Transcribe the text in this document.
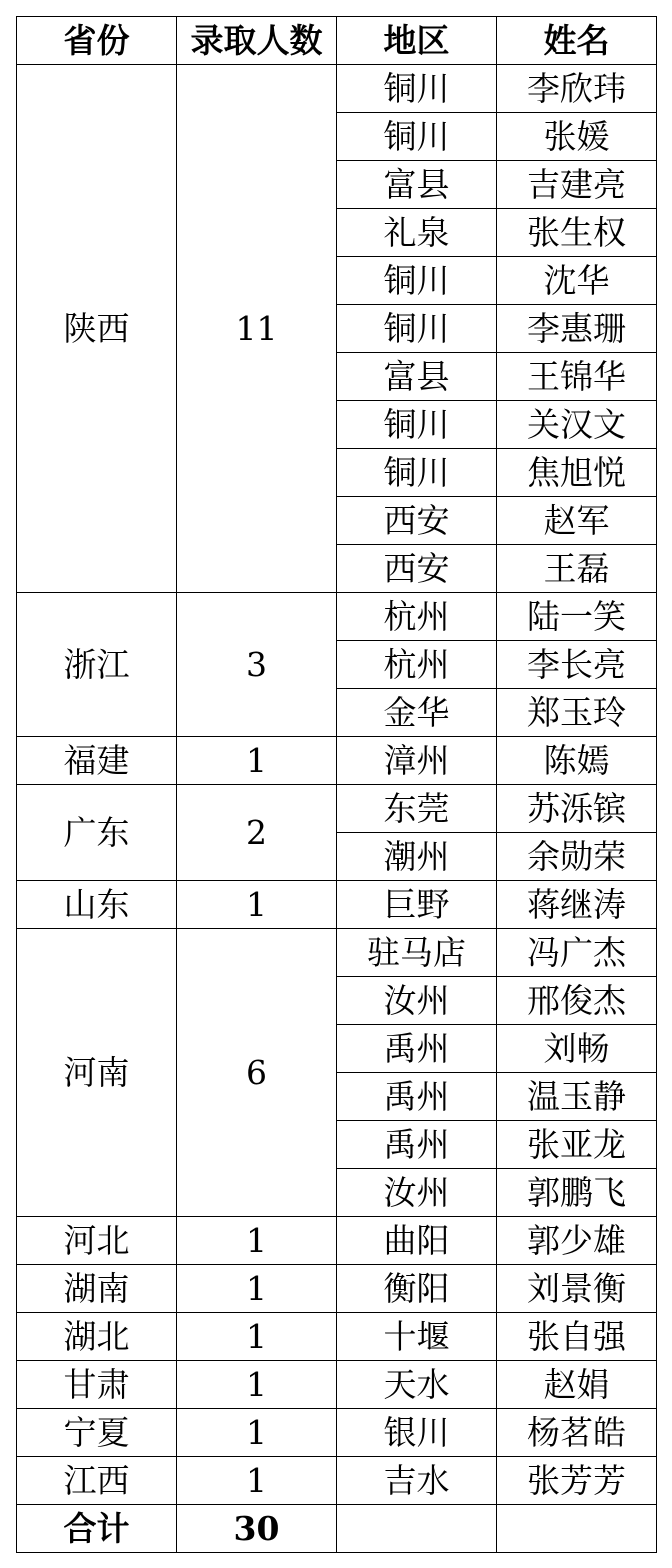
省份	录取人数	地区	姓名
陕西	11	铜川	李欣玮
		铜川	张媛
		富县	吉建亮
		礼泉	张生权
		铜川	沈华
		铜川	李惠珊
		富县	王锦华
		铜川	关汉文
		铜川	焦旭悦
		西安	赵军
		西安	王磊
浙江	3	杭州	陆一笑
		杭州	李长亮
		金华	郑玉玲
福建	1	漳州	陈嫣
广东	2	东莞	苏泺镔
		潮州	余勋荣
山东	1	巨野	蒋继涛
河南	6	驻马店	冯广杰
		汝州	邢俊杰
		禹州	刘畅
		禹州	温玉静
		禹州	张亚龙
		汝州	郭鹏飞
河北	1	曲阳	郭少雄
湖南	1	衡阳	刘景衡
湖北	1	十堰	张自强
甘肃	1	天水	赵娟
宁夏	1	银川	杨茗皓
江西	1	吉水	张芳芳
合计	30		
